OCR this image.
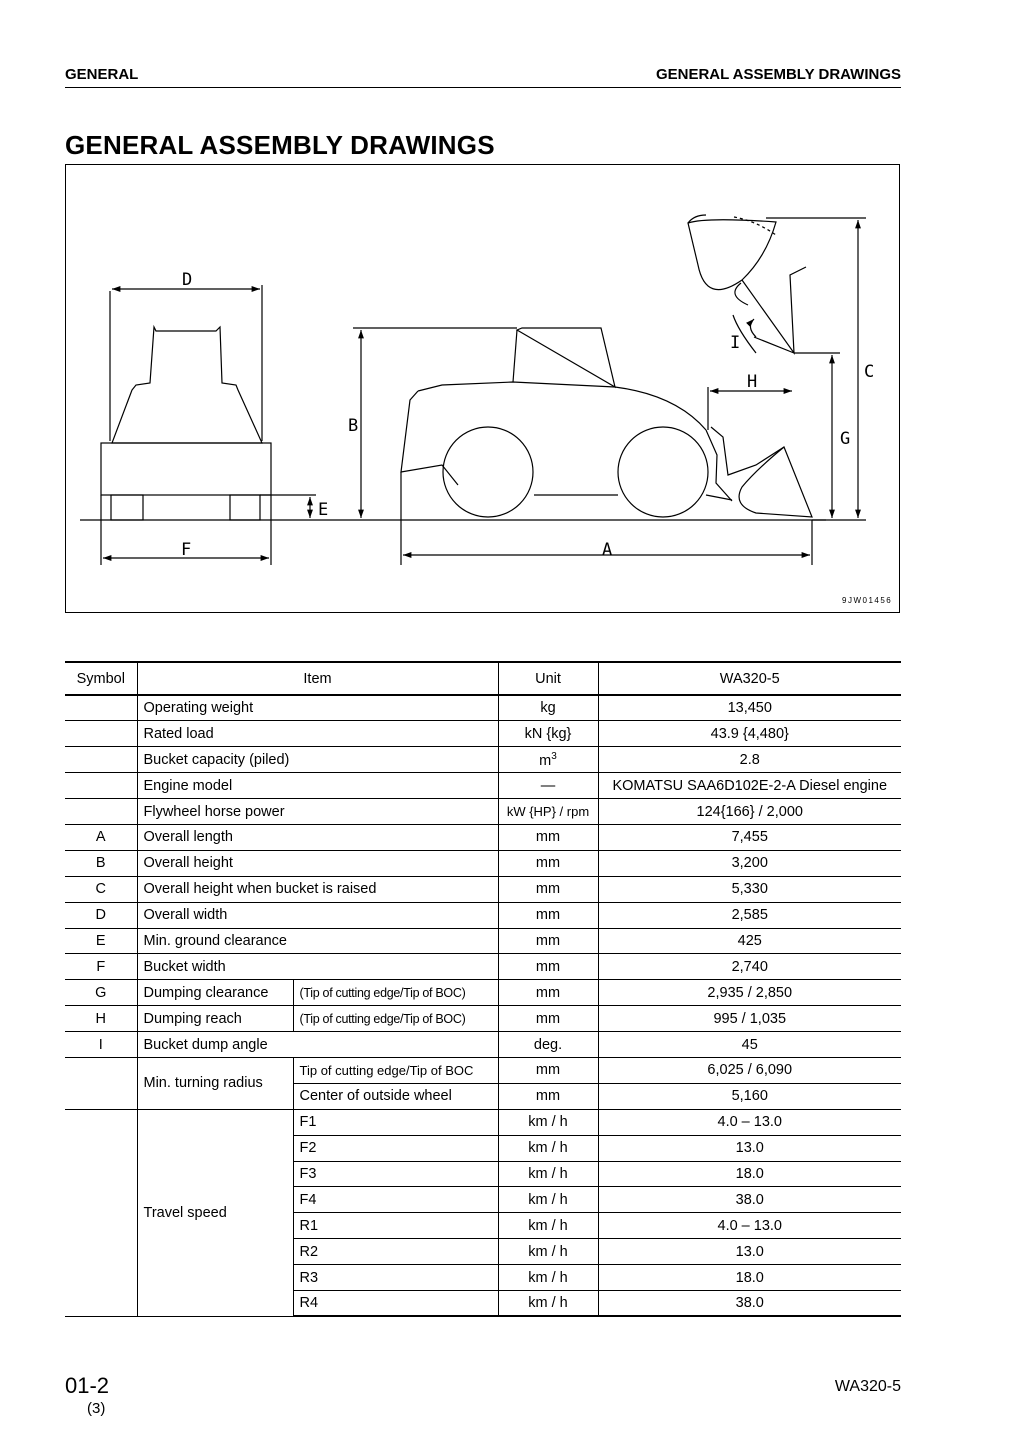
GENERAL	GENERAL ASSEMBLY DRAWINGS
GENERAL ASSEMBLY DRAWINGS
D
F
E
B
A
C
G
H
I
9JW01456
Symbol	Item		Unit	WA320-5
	Operating weight		kg	13,450
	Rated load		kN {kg}	43.9 {4,480}
	Bucket capacity (piled)		$m^3$	2.8
	Engine model		—	KOMATSU SAA6D102E-2-A Diesel engine
	Flywheel horse power		kW {HP} / rpm	124{166} / 2,000
A	Overall length		mm	7,455
B	Overall height		mm	3,200
C	Overall height when bucket is raised		mm	5,330
D	Overall width		mm	2,585
E	Min. ground clearance		mm	425
F	Bucket width		mm	2,740
G	Dumping clearance	(Tip of cutting edge/Tip of BOC)	mm	2,935 / 2,850
H	Dumping reach	(Tip of cutting edge/Tip of BOC)	mm	995 / 1,035
I	Bucket dump angle		deg.	45
	Min. turning radius	Tip of cutting edge/Tip of BOC	mm	6,025 / 6,090
		Center of outside wheel	mm	5,160
	Travel speed	F1	km / h	4.0 – 13.0
		F2	km / h	13.0
		F3	km / h	18.0
		F4	km / h	38.0
		R1	km / h	4.0 – 13.0
		R2	km / h	13.0
		R3	km / h	18.0
		R4	km / h	38.0
01-2
(3)
WA320-5
